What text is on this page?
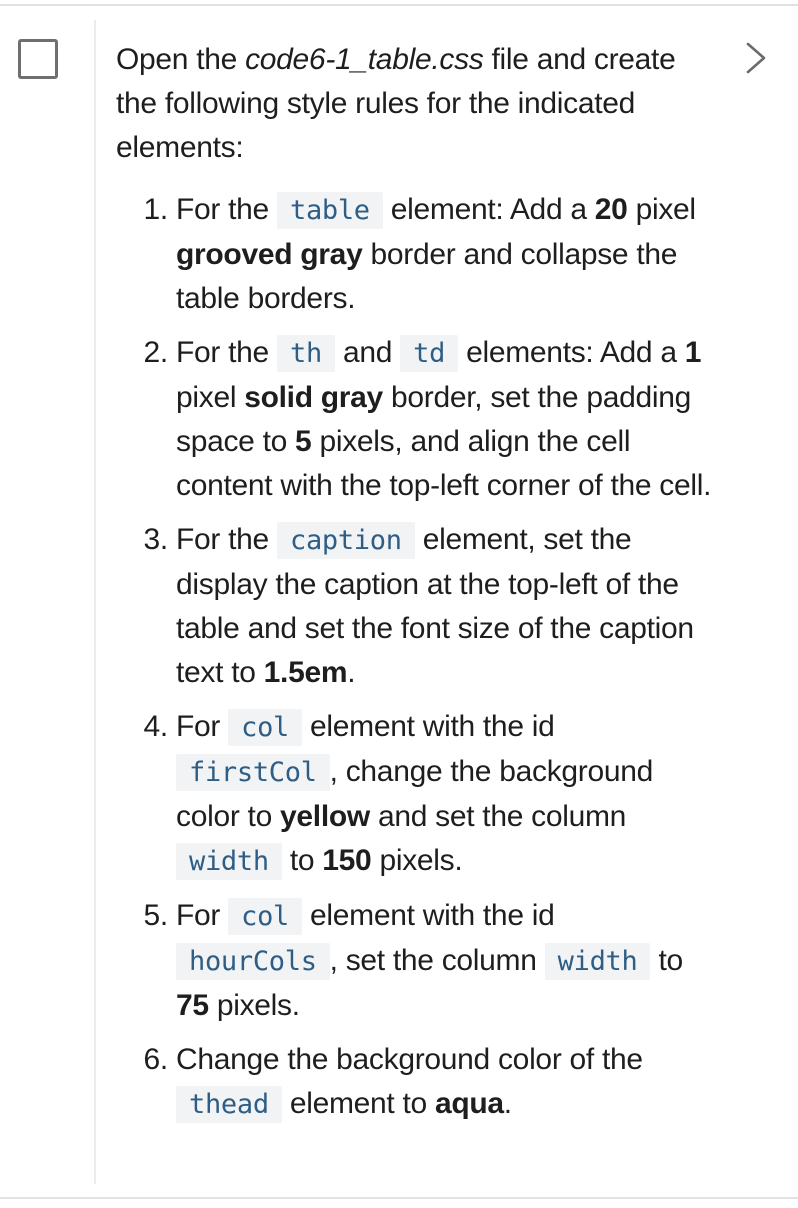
Open the code6-1_table.css file and create the following style rules for the indicated elements:

1. For the table element: Add a 20 pixel grooved gray border and collapse the table borders.
2. For the th and td elements: Add a 1 pixel solid gray border, set the padding space to 5 pixels, and align the cell content with the top-left corner of the cell.
3. For the caption element, set the display the caption at the top-left of the table and set the font size of the caption text to 1.5em.
4. For col element with the id firstCol , change the background color to yellow and set the column width to 150 pixels.
5. For col element with the id hourCols , set the column width to 75 pixels.
6. Change the background color of the thead element to aqua.
